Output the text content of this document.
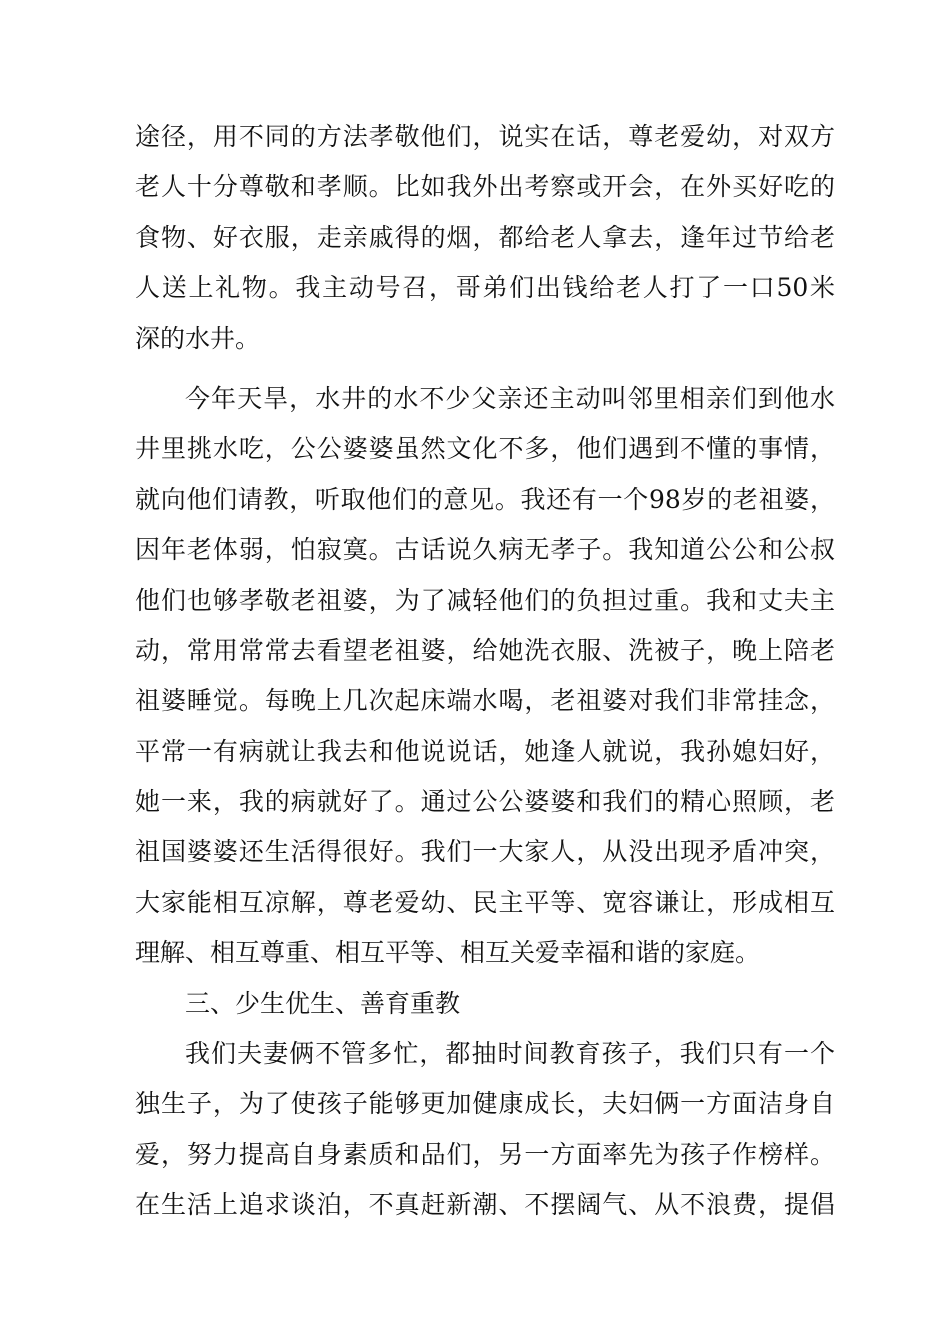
途径，用不同的方法孝敬他们，说实在话，尊老爱幼，对双方
老人十分尊敬和孝顺。比如我外出考察或开会，在外买好吃的
食物、好衣服，走亲戚得的烟，都给老人拿去，逢年过节给老
人送上礼物。我主动号召，哥弟们出钱给老人打了一口50米
深的水井。
今年天旱，水井的水不少父亲还主动叫邻里相亲们到他水
井里挑水吃，公公婆婆虽然文化不多，他们遇到不懂的事情，
就向他们请教，听取他们的意见。我还有一个98岁的老祖婆，
因年老体弱，怕寂寞。古话说久病无孝子。我知道公公和公叔
他们也够孝敬老祖婆，为了减轻他们的负担过重。我和丈夫主
动，常用常常去看望老祖婆，给她洗衣服、洗被子，晚上陪老
祖婆睡觉。每晚上几次起床端水喝，老祖婆对我们非常挂念，
平常一有病就让我去和他说说话，她逢人就说，我孙媳妇好，
她一来，我的病就好了。通过公公婆婆和我们的精心照顾，老
祖国婆婆还生活得很好。我们一大家人，从没出现矛盾冲突，
大家能相互凉解，尊老爱幼、民主平等、宽容谦让，形成相互
理解、相互尊重、相互平等、相互关爱幸福和谐的家庭。
三、少生优生、善育重教
我们夫妻俩不管多忙，都抽时间教育孩子，我们只有一个
独生子，为了使孩子能够更加健康成长，夫妇俩一方面洁身自
爱，努力提高自身素质和品们，另一方面率先为孩子作榜样。
在生活上追求谈泊，不真赶新潮、不摆阔气、从不浪费，提倡
